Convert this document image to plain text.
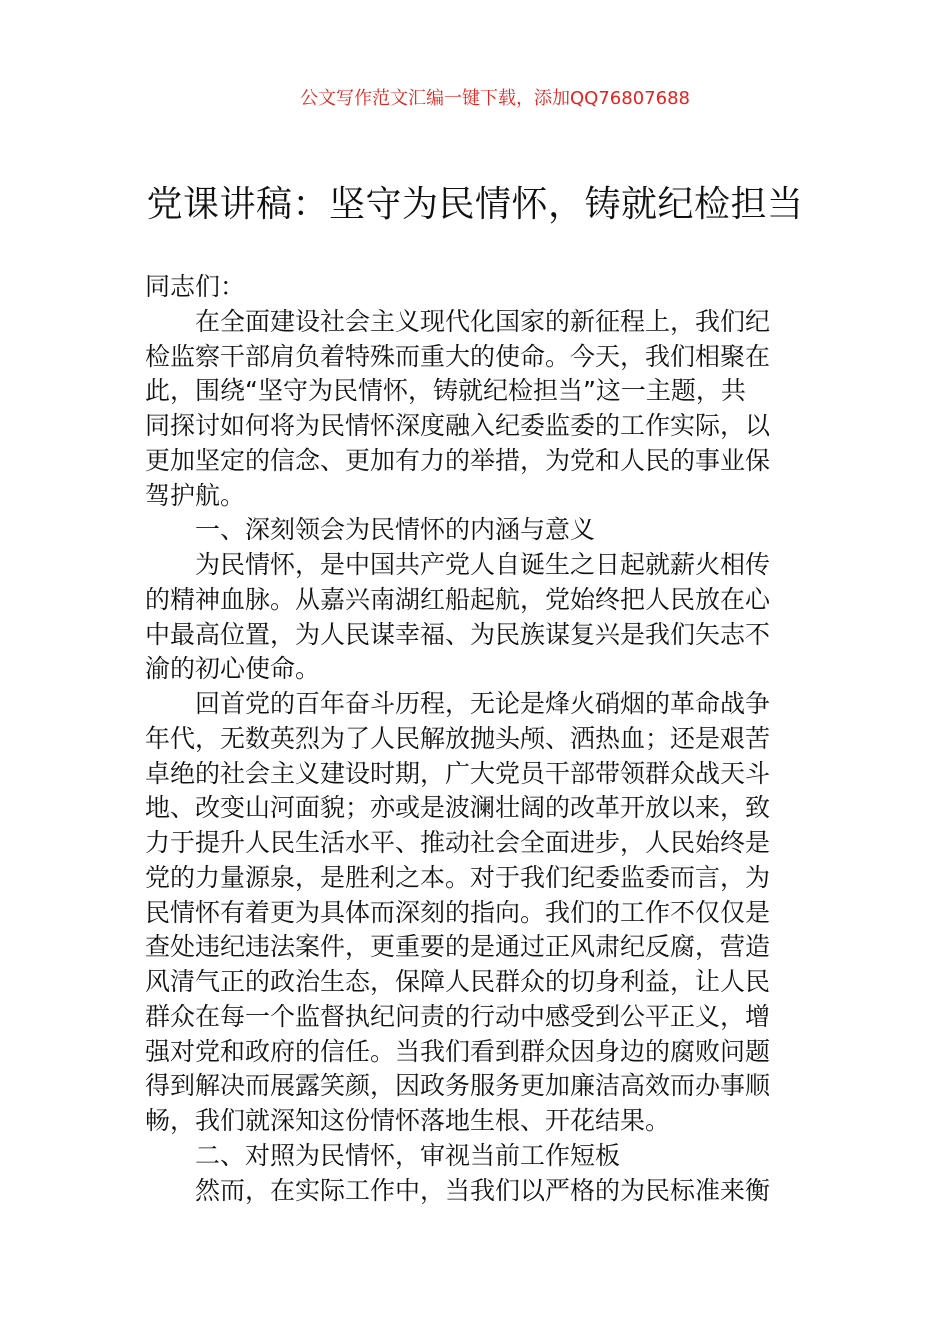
公文写作范文汇编一键下载，添加QQ76807688
党课讲稿：坚守为民情怀，铸就纪检担当
同志们：
　　在全面建设社会主义现代化国家的新征程上，我们纪
检监察干部肩负着特殊而重大的使命。今天，我们相聚在
此，围绕“坚守为民情怀，铸就纪检担当”这一主题，共
同探讨如何将为民情怀深度融入纪委监委的工作实际，以
更加坚定的信念、更加有力的举措，为党和人民的事业保
驾护航。
　　一、深刻领会为民情怀的内涵与意义
　　为民情怀，是中国共产党人自诞生之日起就薪火相传
的精神血脉。从嘉兴南湖红船起航，党始终把人民放在心
中最高位置，为人民谋幸福、为民族谋复兴是我们矢志不
渝的初心使命。
　　回首党的百年奋斗历程，无论是烽火硝烟的革命战争
年代，无数英烈为了人民解放抛头颅、洒热血；还是艰苦
卓绝的社会主义建设时期，广大党员干部带领群众战天斗
地、改变山河面貌；亦或是波澜壮阔的改革开放以来，致
力于提升人民生活水平、推动社会全面进步，人民始终是
党的力量源泉，是胜利之本。对于我们纪委监委而言，为
民情怀有着更为具体而深刻的指向。我们的工作不仅仅是
查处违纪违法案件，更重要的是通过正风肃纪反腐，营造
风清气正的政治生态，保障人民群众的切身利益，让人民
群众在每一个监督执纪问责的行动中感受到公平正义，增
强对党和政府的信任。当我们看到群众因身边的腐败问题
得到解决而展露笑颜，因政务服务更加廉洁高效而办事顺
畅，我们就深知这份情怀落地生根、开花结果。
　　二、对照为民情怀，审视当前工作短板
　　然而，在实际工作中，当我们以严格的为民标准来衡
